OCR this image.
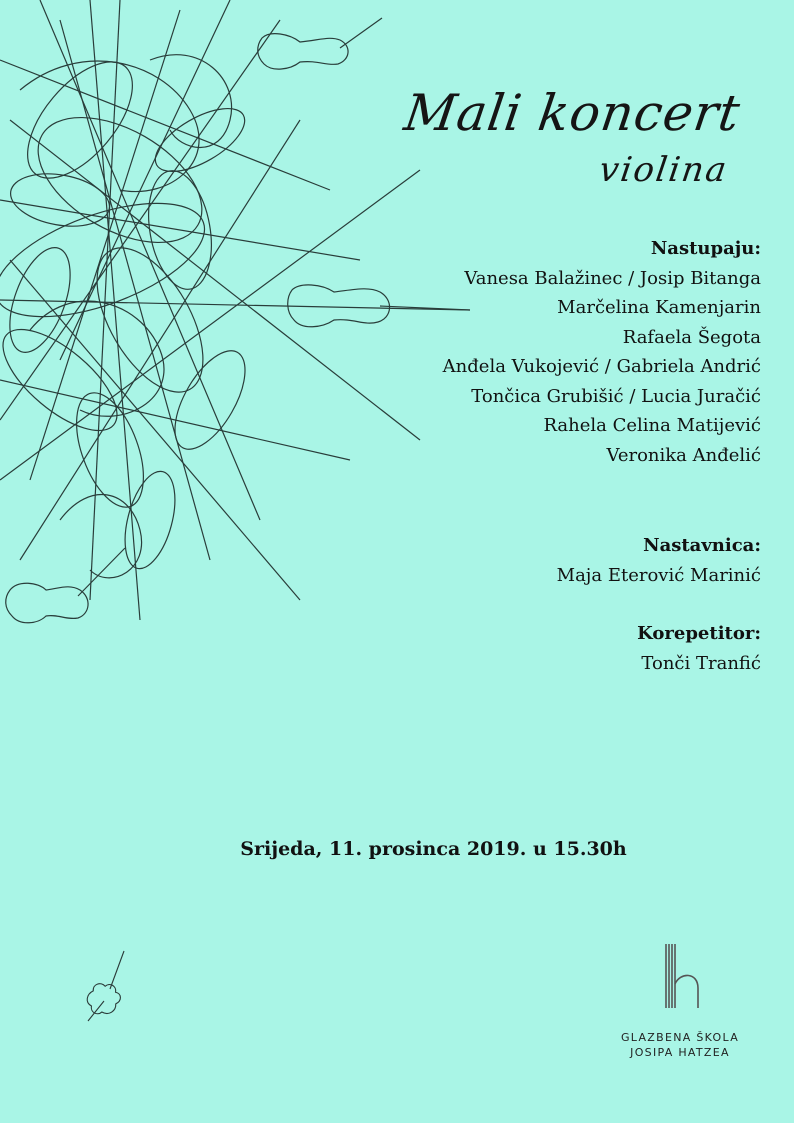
Mali koncert
violina
Nastupaju:
Vanesa Balažinec / Josip Bitanga
Marčelina Kamenjarin
Rafaela Šegota
Anđela Vukojević / Gabriela Andrić
Tončica Grubišić / Lucia Juračić
Rahela Celina Matijević
Veronika Anđelić
Nastavnica:
Maja Eterović Marinić
Korepetitor:
Tonči Tranfić
Srijeda, 11. prosinca 2019. u 15.30h
GLAZBENA ŠKOLA
JOSIPA HATZEA
